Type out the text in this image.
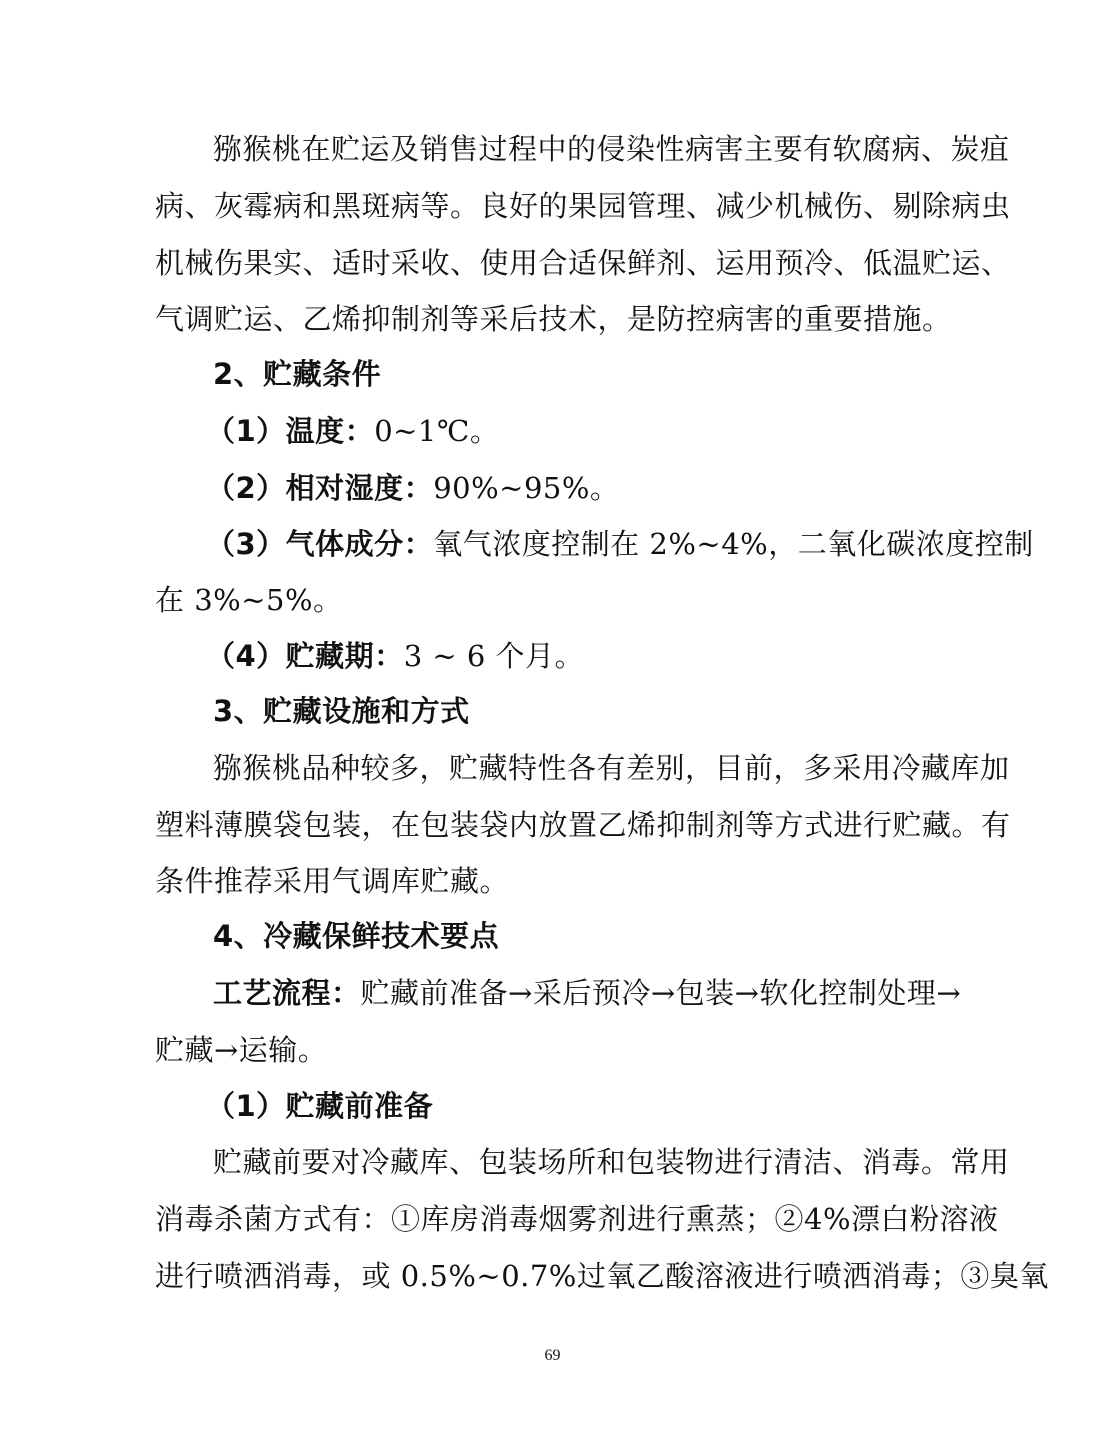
猕猴桃在贮运及销售过程中的侵染性病害主要有软腐病、炭疽
病、灰霉病和黑斑病等。良好的果园管理、减少机械伤、剔除病虫
机械伤果实、适时采收、使用合适保鲜剂、运用预冷、低温贮运、
气调贮运、乙烯抑制剂等采后技术，是防控病害的重要措施。
2、贮藏条件
（1）温度：0~1℃。
（2）相对湿度：90%~95%。
（3）气体成分：氧气浓度控制在 2%~4%，二氧化碳浓度控制
在 3%~5%。
（4）贮藏期：3 ~ 6 个月。
3、贮藏设施和方式
猕猴桃品种较多，贮藏特性各有差别，目前，多采用冷藏库加
塑料薄膜袋包装，在包装袋内放置乙烯抑制剂等方式进行贮藏。有
条件推荐采用气调库贮藏。
4、冷藏保鲜技术要点
工艺流程：贮藏前准备→采后预冷→包装→软化控制处理→
贮藏→运输。
（1）贮藏前准备
贮藏前要对冷藏库、包装场所和包装物进行清洁、消毒。常用
消毒杀菌方式有：①库房消毒烟雾剂进行熏蒸；②4%漂白粉溶液
进行喷洒消毒，或 0.5%~0.7%过氧乙酸溶液进行喷洒消毒；③臭氧
69
